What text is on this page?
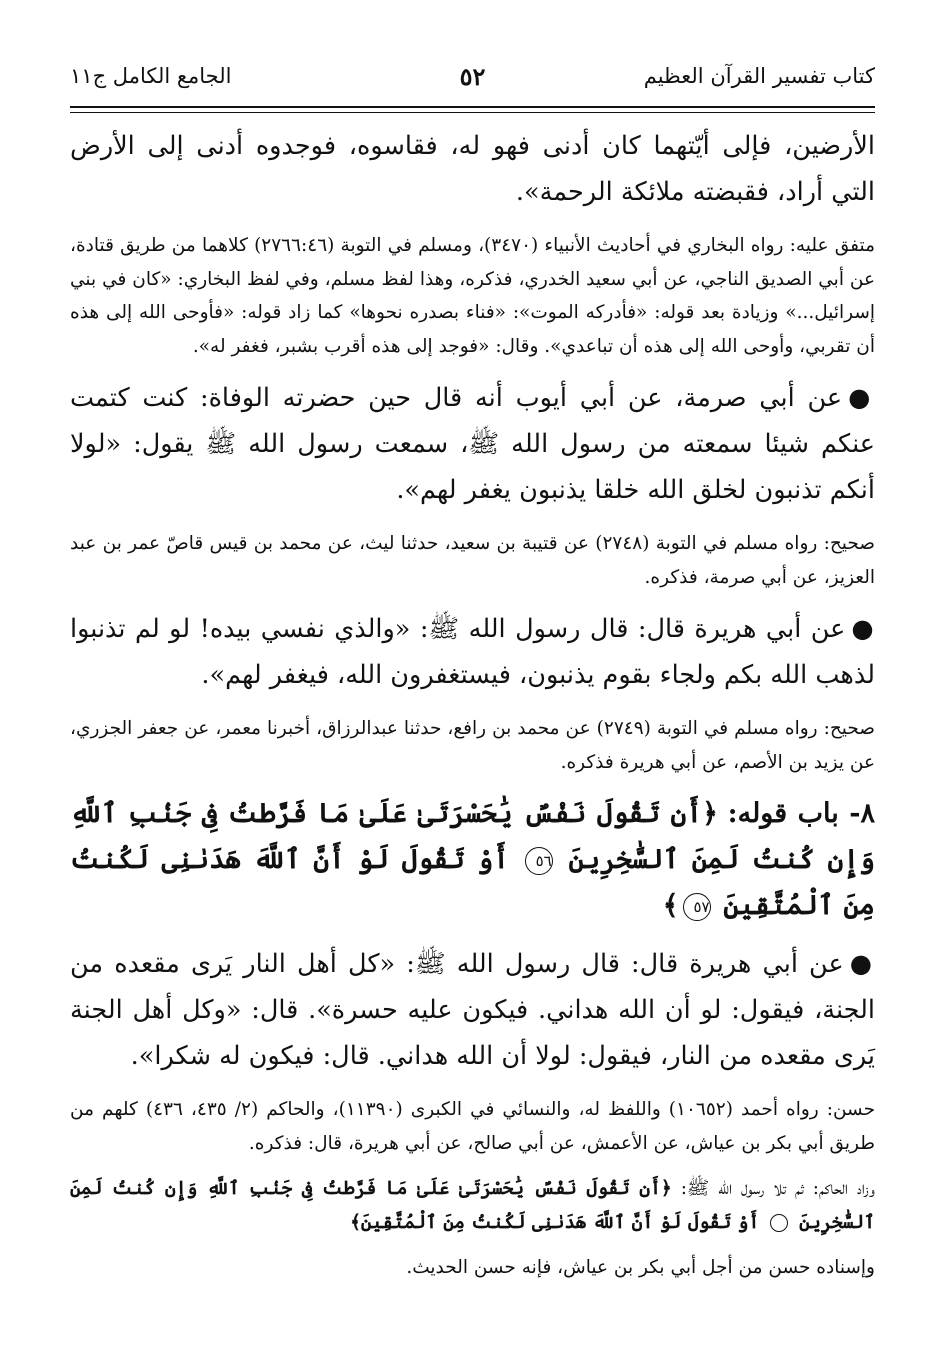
كتاب تفسير القرآن العظيم
٥٢
الجامع الكامل ج١١

الأرضين، فإلى أيّتهما كان أدنى فهو له، فقاسوه، فوجدوه أدنى إلى الأرض التي أراد، فقبضته ملائكة الرحمة».

متفق عليه: رواه البخاري في أحاديث الأنبياء (٣٤٧٠)، ومسلم في التوبة (٢٧٦٦:٤٦) كلاهما من طريق قتادة، عن أبي الصديق الناجي، عن أبي سعيد الخدري، فذكره، وهذا لفظ مسلم، وفي لفظ البخاري: «كان في بني إسرائيل...» وزيادة بعد قوله: «فأدركه الموت»: «فناء بصدره نحوها» كما زاد قوله: «فأوحى الله إلى هذه أن تقربي، وأوحى الله إلى هذه أن تباعدي». وقال: «فوجد إلى هذه أقرب بشبر، فغفر له».

●عن أبي صرمة، عن أبي أيوب أنه قال حين حضرته الوفاة: كنت كتمت عنكم شيئا سمعته من رسول الله ﷺ، سمعت رسول الله ﷺ يقول: «لولا أنكم تذنبون لخلق الله خلقا يذنبون يغفر لهم».

صحيح: رواه مسلم في التوبة (٢٧٤٨) عن قتيبة بن سعيد، حدثنا ليث، عن محمد بن قيس قاصّ عمر بن عبد العزيز، عن أبي صرمة، فذكره.

●عن أبي هريرة قال: قال رسول الله ﷺ: «والذي نفسي بيده! لو لم تذنبوا لذهب الله بكم ولجاء بقوم يذنبون، فيستغفرون الله، فيغفر لهم».

صحيح: رواه مسلم في التوبة (٢٧٤٩) عن محمد بن رافع، حدثنا عبدالرزاق، أخبرنا معمر، عن جعفر الجزري، عن يزيد بن الأصم، عن أبي هريرة فذكره.

٨- باب قوله: ﴿أَن تَقُولَ نَفْسٌ يَٰحَسْرَتَىٰ عَلَىٰ مَا فَرَّطتُ فِى جَنۢبِ ٱللَّهِ وَإِن كُنتُ لَمِنَ ٱلسَّٰخِرِينَ ٥٦ أَوْ تَقُولَ لَوْ أَنَّ ٱللَّهَ هَدَىٰنِى لَكُنتُ مِنَ ٱلْمُتَّقِينَ ٥٧﴾

●عن أبي هريرة قال: قال رسول الله ﷺ: «كل أهل النار يَرى مقعده من الجنة، فيقول: لو أن الله هداني. فيكون عليه حسرة». قال: «وكل أهل الجنة يَرى مقعده من النار، فيقول: لولا أن الله هداني. قال: فيكون له شكرا».

حسن: رواه أحمد (١٠٦٥٢) واللفظ له، والنسائي في الكبرى (١١٣٩٠)، والحاكم (٢/ ٤٣٥، ٤٣٦) كلهم من طريق أبي بكر بن عياش، عن الأعمش، عن أبي صالح، عن أبي هريرة، قال: فذكره.

وزاد الحاكم: ثم تلا رسول الله ﷺ: ﴿أَن تَقُولَ نَفْسٌ يَٰحَسْرَتَىٰ عَلَىٰ مَا فَرَّطتُ فِى جَنۢبِ ٱللَّهِ وَإِن كُنتُ لَمِنَ ٱلسَّٰخِرِينَ  أَوْ تَقُولَ لَوْ أَنَّ ٱللَّهَ هَدَىٰنِى لَكُنتُ مِنَ ٱلْمُتَّقِينَ﴾

وإسناده حسن من أجل أبي بكر بن عياش، فإنه حسن الحديث.
